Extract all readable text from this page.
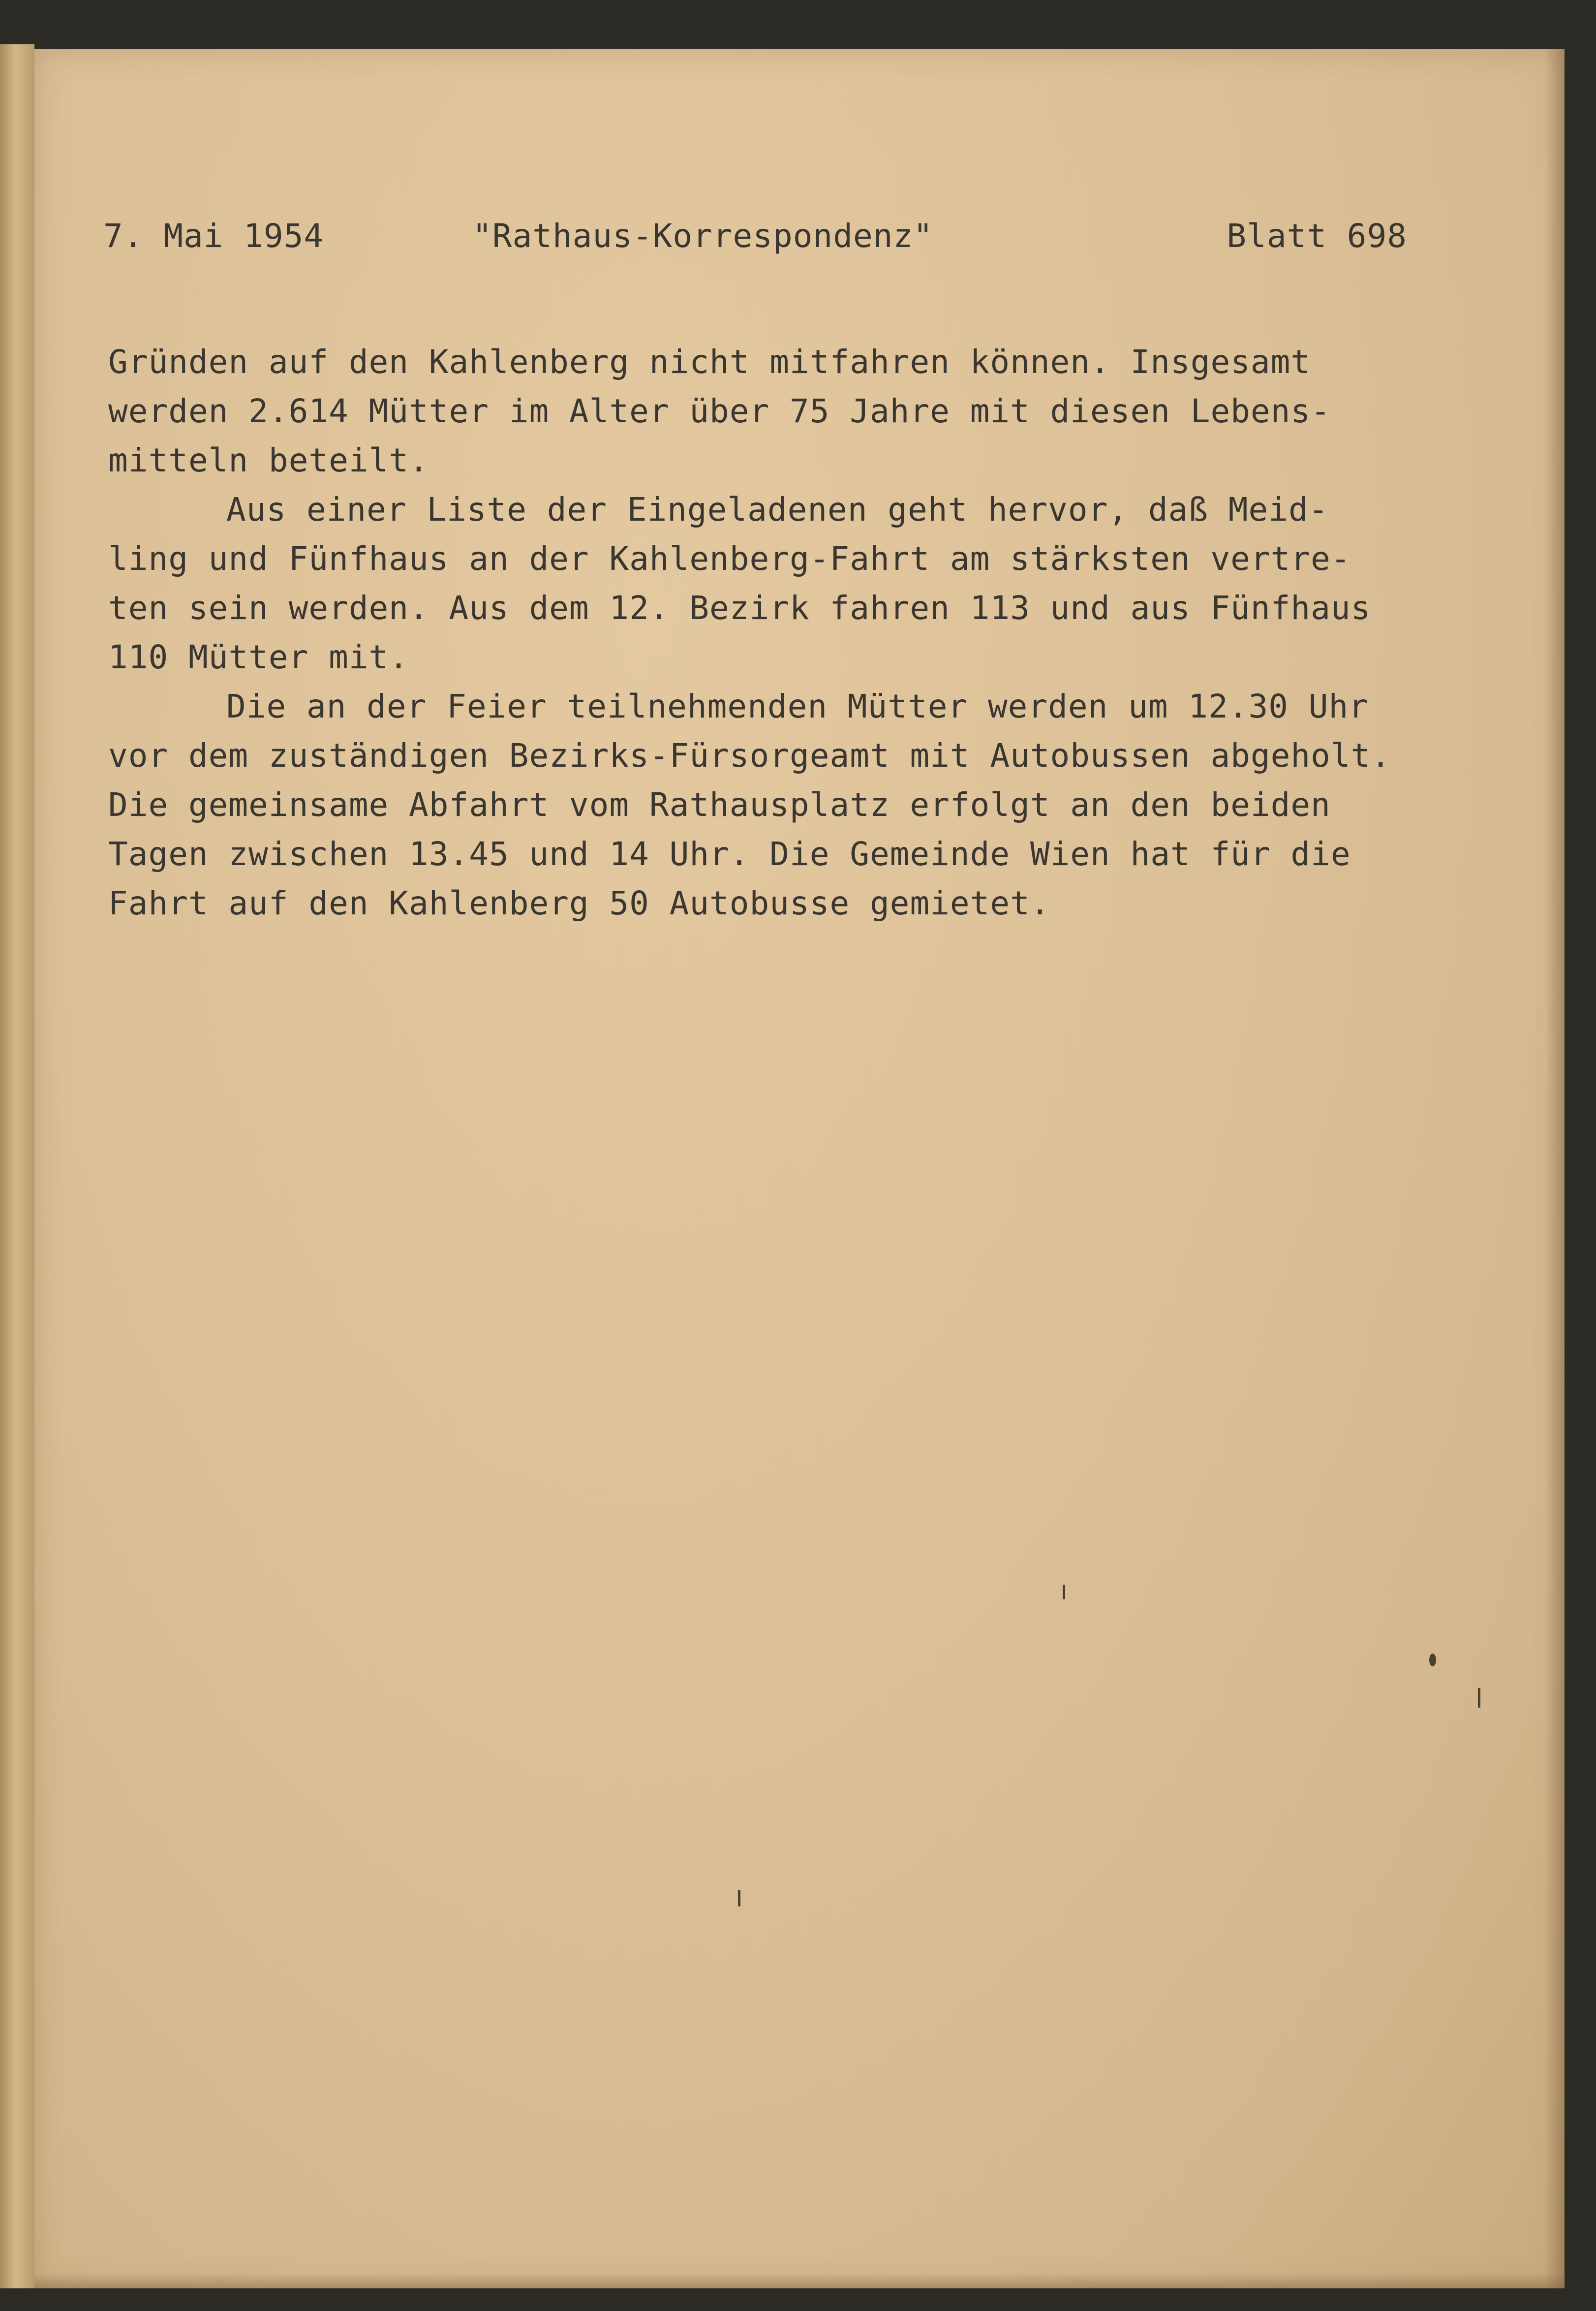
7. Mai 1954	"Rathaus-Korrespondenz"	Blatt 698
Gründen auf den Kahlenberg nicht mitfahren können. Insgesamt
werden 2.614 Mütter im Alter über 75 Jahre mit diesen Lebens-
mitteln beteilt.
Aus einer Liste der Eingeladenen geht hervor, daß Meid-
ling und Fünfhaus an der Kahlenberg-Fahrt am stärksten vertre-
ten sein werden. Aus dem 12. Bezirk fahren 113 und aus Fünfhaus
110 Mütter mit.
Die an der Feier teilnehmenden Mütter werden um 12.30 Uhr
vor dem zuständigen Bezirks-Fürsorgeamt mit Autobussen abgeholt.
Die gemeinsame Abfahrt vom Rathausplatz erfolgt an den beiden
Tagen zwischen 13.45 und 14 Uhr. Die Gemeinde Wien hat für die
Fahrt auf den Kahlenberg 50 Autobusse gemietet.
